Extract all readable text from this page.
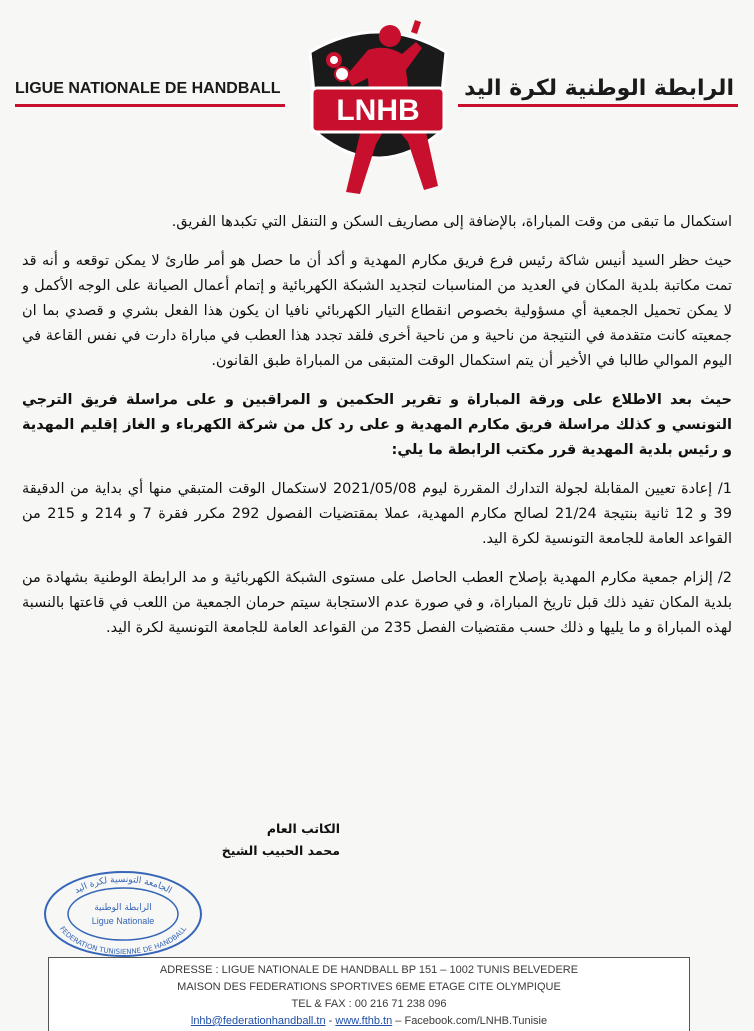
LIGUE NATIONALE DE HANDBALL	الرابطة الوطنية لكرة اليد
LNHB

استكمال ما تبقى من وقت المباراة، بالإضافة إلى مصاريف السكن و التنقل التي تكبدها الفريق.

حيث حظر السيد أنيس شاكة رئيس فرع فريق مكارم المهدية و أكد أن ما حصل هو أمر طارئ لا يمكن توقعه و أنه قد تمت مكاتبة بلدية المكان في العديد من المناسبات لتجديد الشبكة الكهربائية و إتمام أعمال الصيانة على الوجه الأكمل و لا يمكن تحميل الجمعية أي مسؤولية بخصوص انقطاع التيار الكهربائي نافيا ان يكون هذا الفعل بشري و قصدي بما ان جمعيته كانت متقدمة في النتيجة من ناحية و من ناحية أخرى فلقد تجدد هذا العطب في مباراة دارت في نفس القاعة في اليوم الموالي طالبا في الأخير أن يتم استكمال الوقت المتبقى من المباراة طبق القانون.

حيث بعد الاطلاع على ورقة المباراة و تقرير الحكمين و المراقبين و على مراسلة فريق الترجي التونسي و كذلك مراسلة فريق مكارم المهدية و على رد كل من شركة الكهرباء و الغاز إقليم المهدية و رئيس بلدية المهدية قرر مكتب الرابطة ما يلي:

1/ إعادة تعيين المقابلة لجولة التدارك المقررة ليوم 2021/05/08 لاستكمال الوقت المتبقي منها أي بداية من الدقيقة 39 و 12 ثانية بنتيجة 21/24 لصالح مكارم المهدية، عملا بمقتضيات الفصول 292 مكرر فقرة 7 و 214 و 215 من القواعد العامة للجامعة التونسية لكرة اليد.

2/ إلزام جمعية مكارم المهدية بإصلاح العطب الحاصل على مستوى الشبكة الكهربائية و مد الرابطة الوطنية بشهادة من بلدية المكان تفيد ذلك قبل تاريخ المباراة، و في صورة عدم الاستجابة سيتم حرمان الجمعية من اللعب في قاعتها بالنسبة لهذه المباراة و ما يليها و ذلك حسب مقتضيات الفصل 235 من القواعد العامة للجامعة التونسية لكرة اليد.

الكاتب العام
محمد الحبيب الشيخ
الجامعة التونسية لكرة اليد
FEDERATION TUNISIENNE DE HANDBALL
الرابطة الوطنية
Ligue Nationale
ADRESSE : LIGUE NATIONALE DE HANDBALL BP 151 – 1002 TUNIS BELVEDERE
MAISON DES FEDERATIONS SPORTIVES 6EME ETAGE CITE OLYMPIQUE
TEL & FAX : 00 216 71 238 096
lnhb@federationhandball.tn - www.fthb.tn – Facebook.com/LNHB.Tunisie
